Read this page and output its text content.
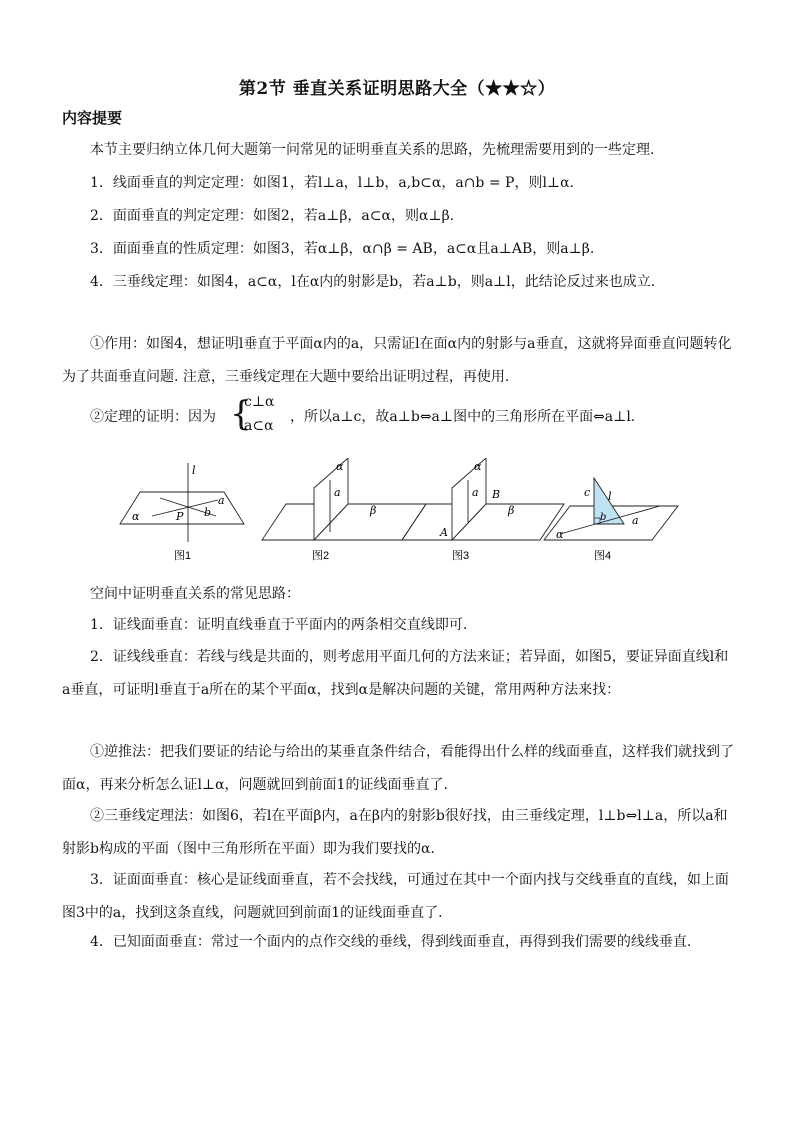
第2节 垂直关系证明思路大全（★★☆）
内容提要
本节主要归纳立体几何大题第一问常见的证明垂直关系的思路，先梳理需要用到的一些定理.
1．线面垂直的判定定理：如图1，若l⊥a，l⊥b，a,b⊂α，a∩b = P，则l⊥α.
2．面面垂直的判定定理：如图2，若a⊥β，a⊂α，则α⊥β.
3．面面垂直的性质定理：如图3，若α⊥β，α∩β = AB，a⊂α且a⊥AB，则a⊥β.
4．三垂线定理：如图4，a⊂α，l在α内的射影是b，若a⊥b，则a⊥l，此结论反过来也成立.
①作用：如图4，想证明l垂直于平面α内的a，只需证l在面α内的射影与a垂直，这就将异面垂直问题转化为了共面垂直问题. 注意，三垂线定理在大题中要给出证明过程，再使用.
②定理的证明：因为 {
c⊥α
a⊂α
，所以a⊥c，故a⊥b⇔a⊥图中的三角形所在平面⇔a⊥l.
l
a
P b
α
图1
α
a
β
图2
α
a B
β
A
图3
c l
b a
α
图4
空间中证明垂直关系的常见思路：
1．证线面垂直：证明直线垂直于平面内的两条相交直线即可.
2．证线线垂直：若线与线是共面的，则考虑用平面几何的方法来证；若异面，如图5，要证异面直线l和a垂直，可证明l垂直于a所在的某个平面α，找到α是解决问题的关键，常用两种方法来找：
①逆推法：把我们要证的结论与给出的某垂直条件结合，看能得出什么样的线面垂直，这样我们就找到了面α，再来分析怎么证l⊥α，问题就回到前面1的证线面垂直了.
②三垂线定理法：如图6，若l在平面β内，a在β内的射影b很好找，由三垂线定理，l⊥b⇔l⊥a，所以a和射影b构成的平面（图中三角形所在平面）即为我们要找的α.
3．证面面垂直：核心是证线面垂直，若不会找线，可通过在其中一个面内找与交线垂直的直线，如上面图3中的a，找到这条直线，问题就回到前面1的证线面垂直了.
4．已知面面垂直：常过一个面内的点作交线的垂线，得到线面垂直，再得到我们需要的线线垂直.
